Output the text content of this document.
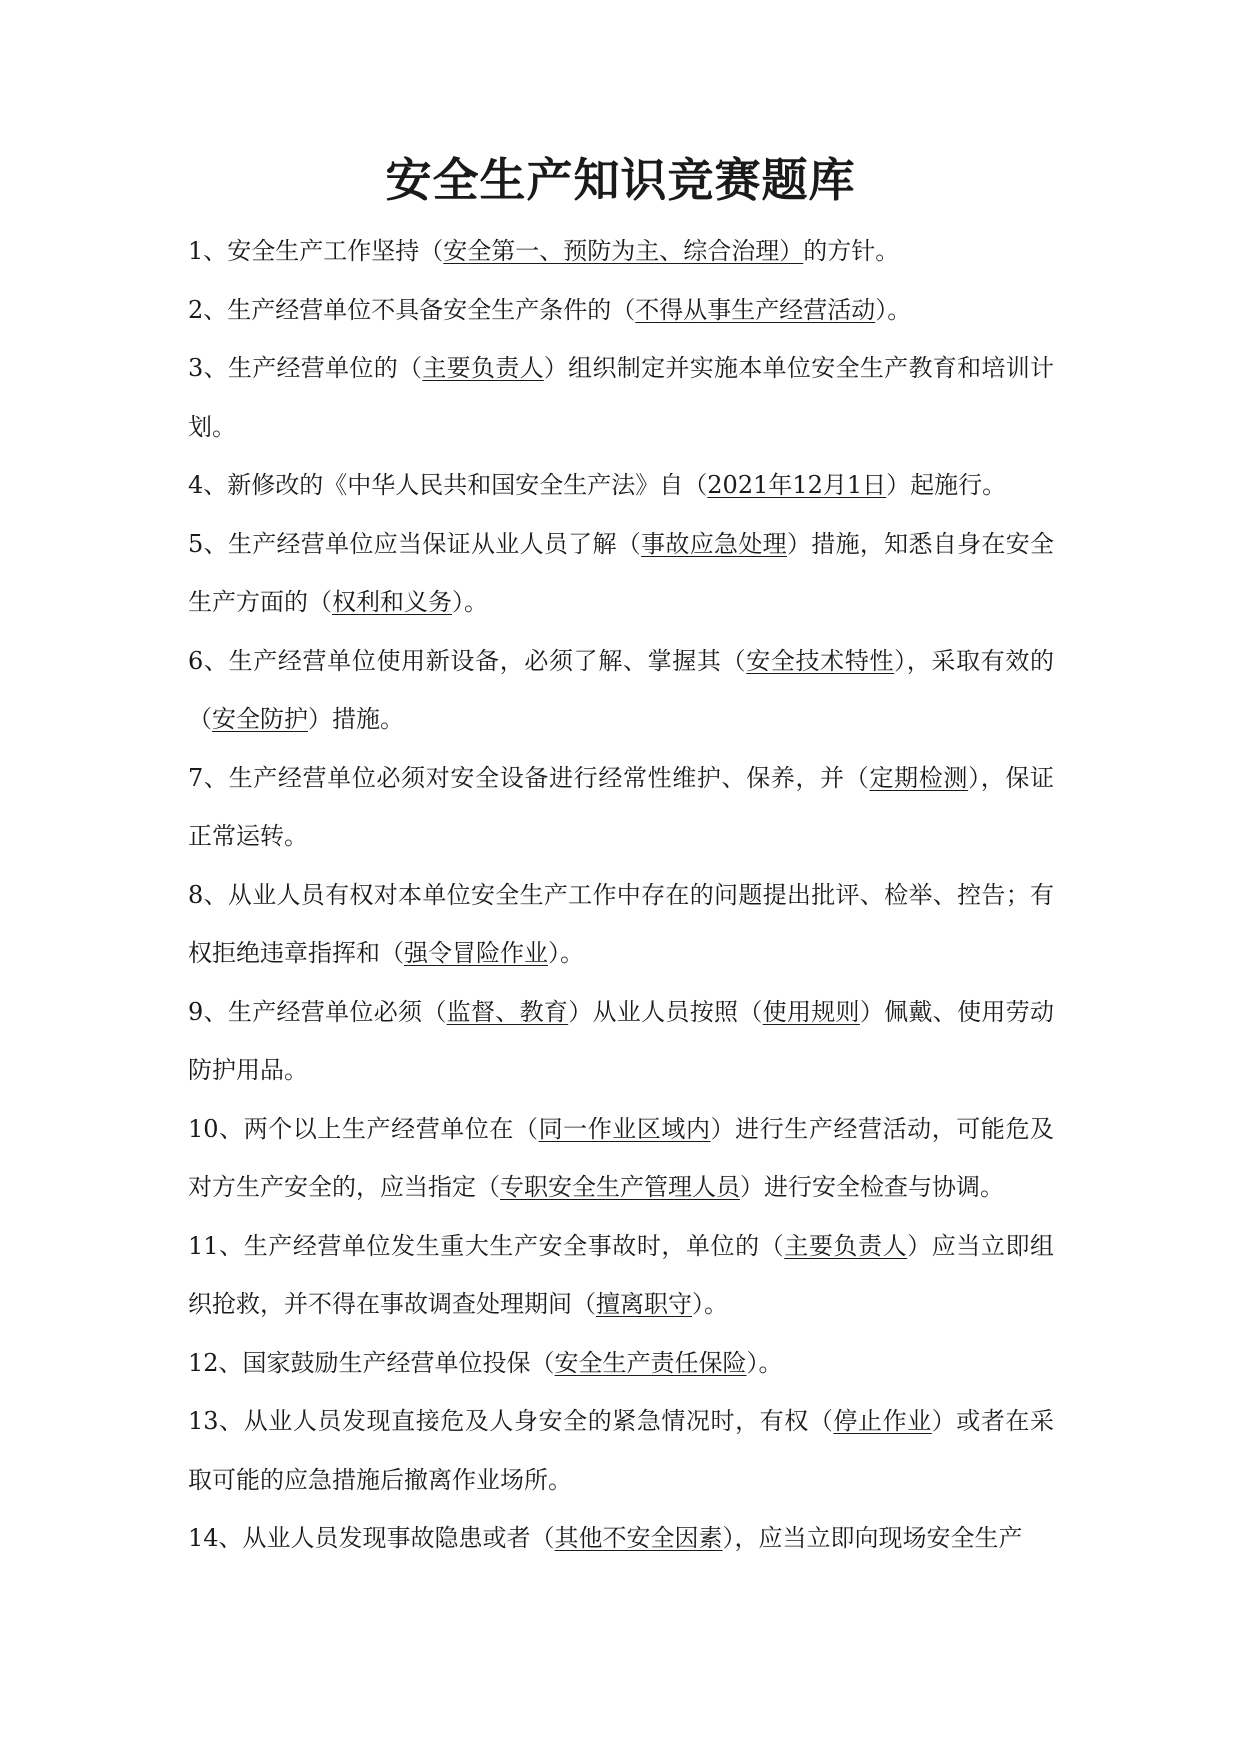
安全生产知识竞赛题库
1、安全生产工作坚持（安全第一、预防为主、综合治理）的方针。
2、生产经营单位不具备安全生产条件的（不得从事生产经营活动）。
3、生产经营单位的（主要负责人）组织制定并实施本单位安全生产教育和培训计划。
4、新修改的《中华人民共和国安全生产法》自（2021年12月1日）起施行。
5、生产经营单位应当保证从业人员了解（事故应急处理）措施，知悉自身在安全生产方面的（权利和义务）。
6、生产经营单位使用新设备，必须了解、掌握其（安全技术特性），采取有效的（安全防护）措施。
7、生产经营单位必须对安全设备进行经常性维护、保养，并（定期检测），保证正常运转。
8、从业人员有权对本单位安全生产工作中存在的问题提出批评、检举、控告；有权拒绝违章指挥和（强令冒险作业）。
9、生产经营单位必须（监督、教育）从业人员按照（使用规则）佩戴、使用劳动防护用品。
10、两个以上生产经营单位在（同一作业区域内）进行生产经营活动，可能危及对方生产安全的，应当指定（专职安全生产管理人员）进行安全检查与协调。
11、生产经营单位发生重大生产安全事故时，单位的（主要负责人）应当立即组织抢救，并不得在事故调查处理期间（擅离职守）。
12、国家鼓励生产经营单位投保（安全生产责任保险）。
13、从业人员发现直接危及人身安全的紧急情况时，有权（停止作业）或者在采取可能的应急措施后撤离作业场所。
14、从业人员发现事故隐患或者（其他不安全因素），应当立即向现场安全生产
